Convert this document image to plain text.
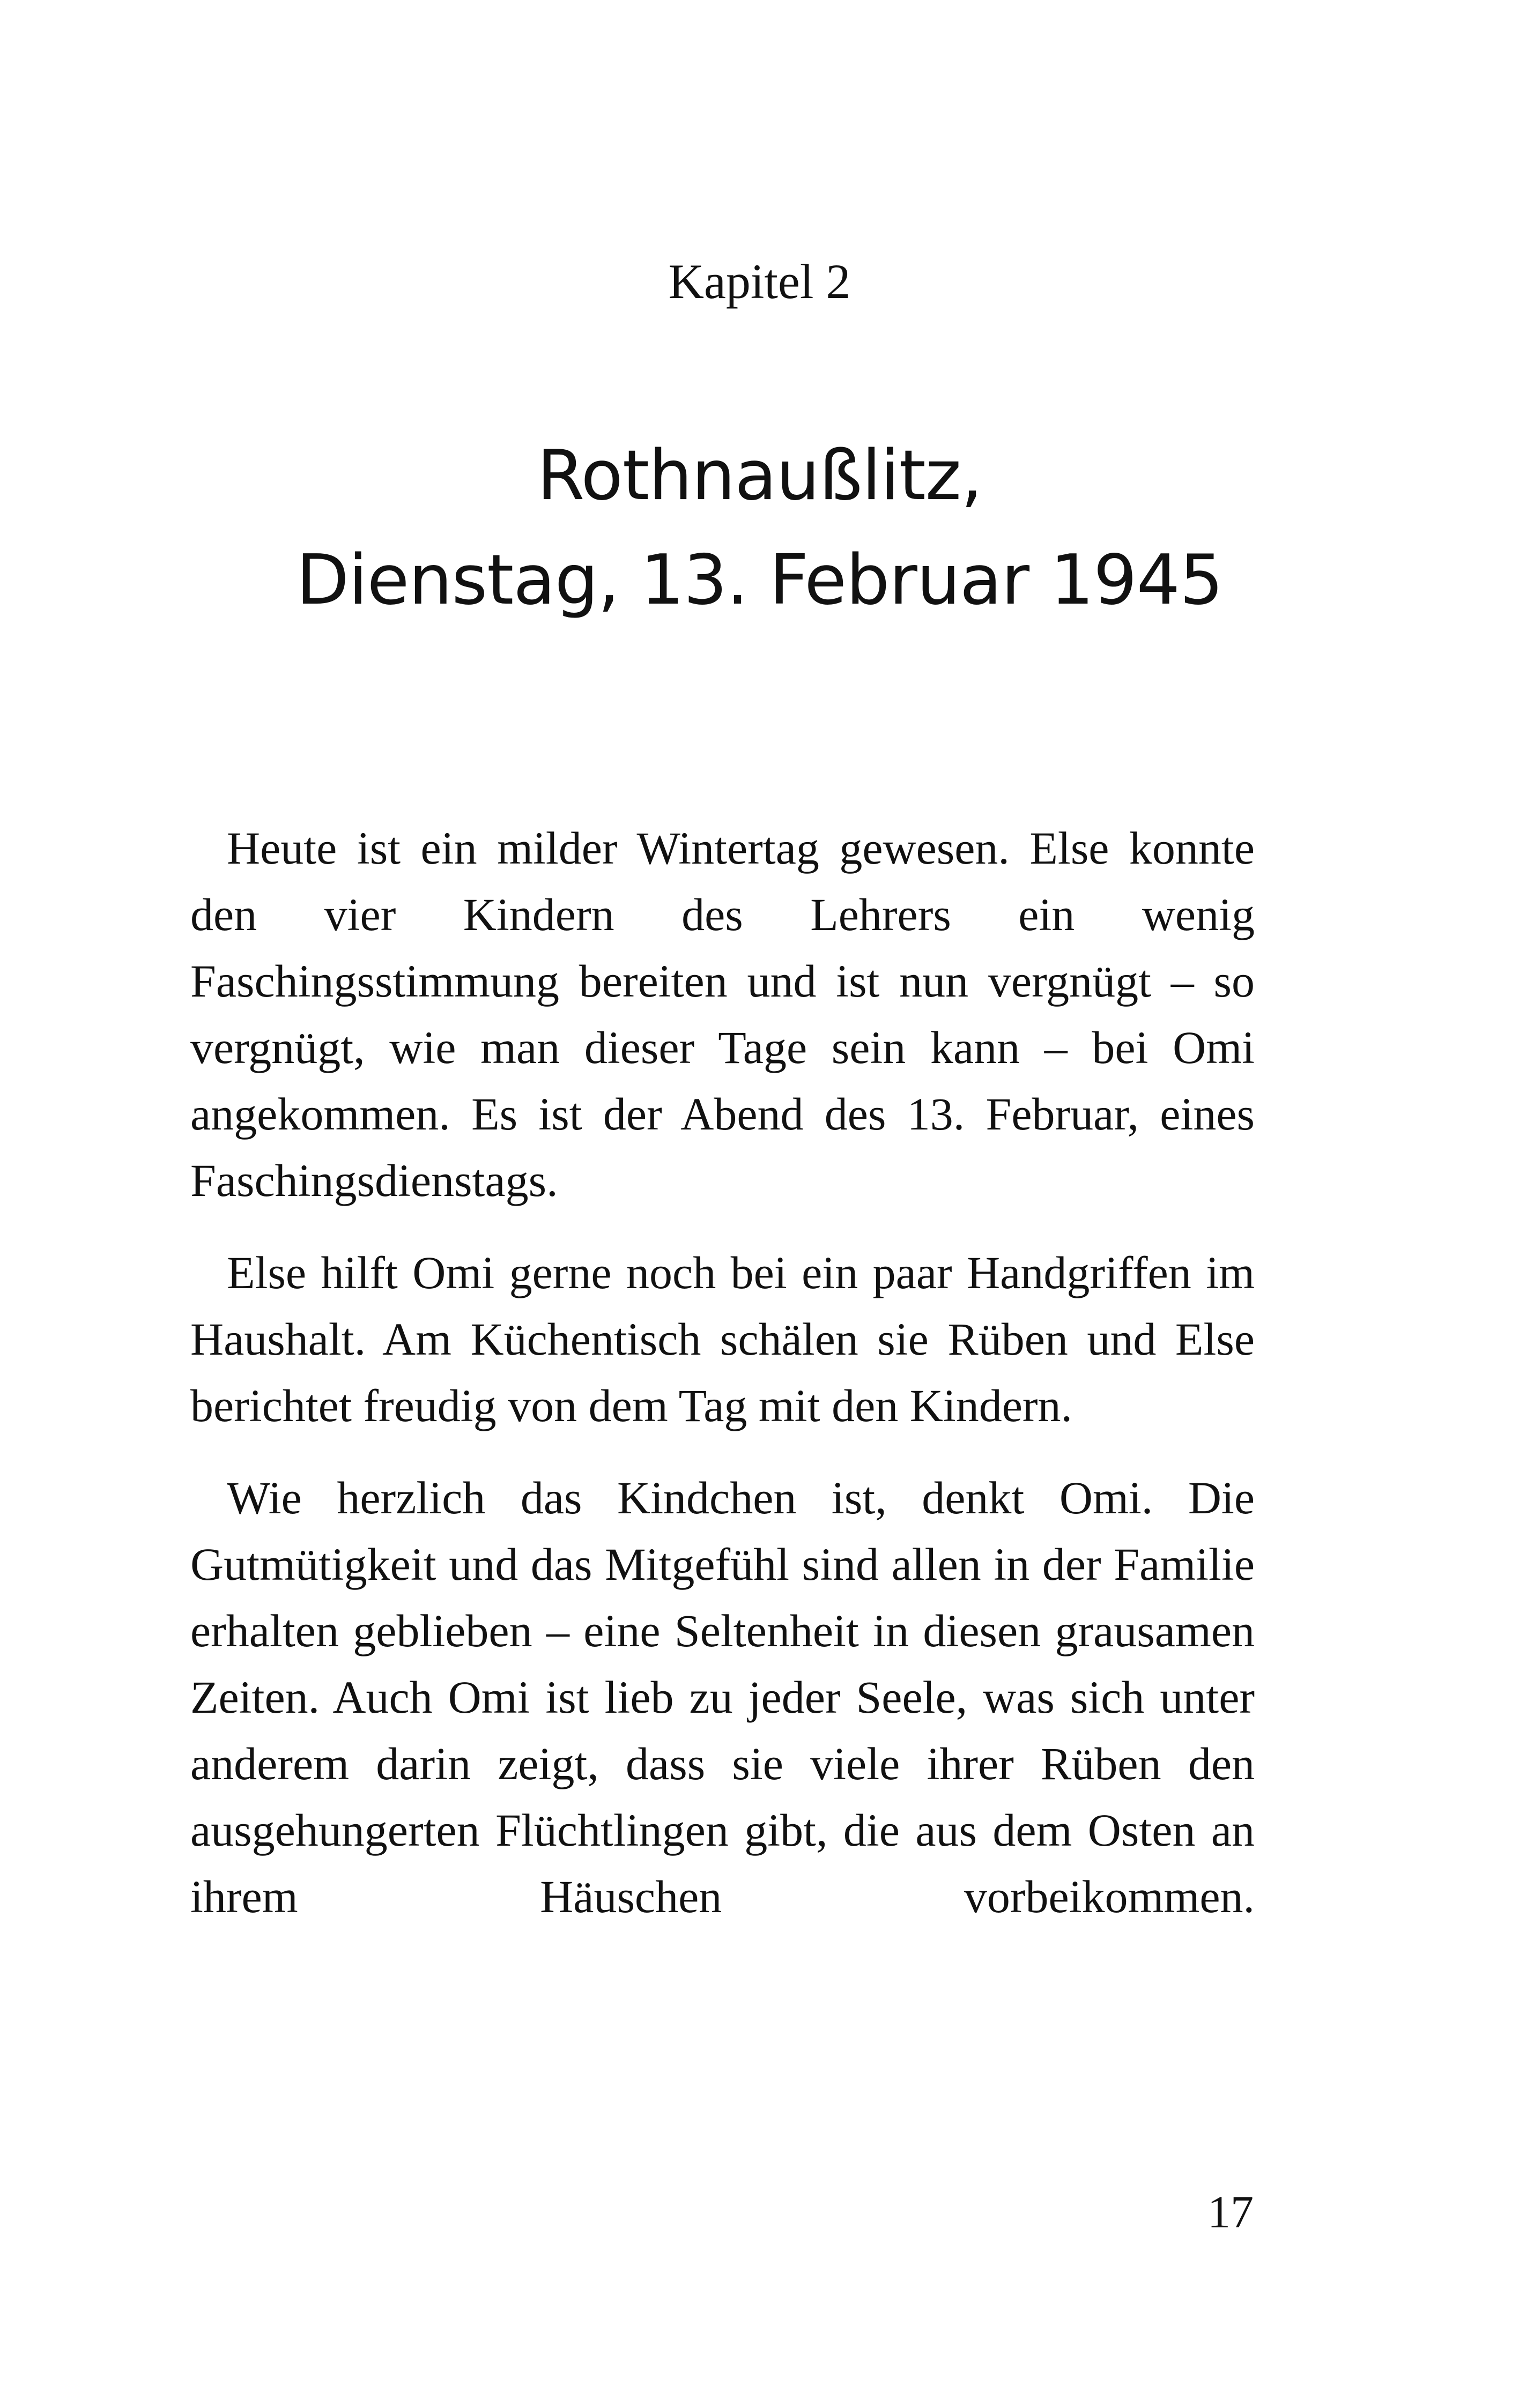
Kapitel 2
Rothnaußlitz,
Dienstag, 13. Februar 1945

Heute ist ein milder Wintertag gewesen. Else konnte den vier Kindern des Lehrers ein wenig Faschingsstimmung bereiten und ist nun vergnügt – so vergnügt, wie man dieser Tage sein kann – bei Omi angekommen. Es ist der Abend des 13. Februar, eines Faschingsdienstags.

Else hilft Omi gerne noch bei ein paar Handgriffen im Haushalt. Am Küchentisch schälen sie Rüben und Else berichtet freudig von dem Tag mit den Kindern.

Wie herzlich das Kindchen ist, denkt Omi. Die Gutmütigkeit und das Mitgefühl sind allen in der Familie erhalten geblieben – eine Seltenheit in diesen grausamen Zeiten. Auch Omi ist lieb zu jeder Seele, was sich unter anderem darin zeigt, dass sie viele ihrer Rüben den ausgehungerten Flüchtlingen gibt, die aus dem Osten an ihrem Häuschen vorbeikommen.

17
